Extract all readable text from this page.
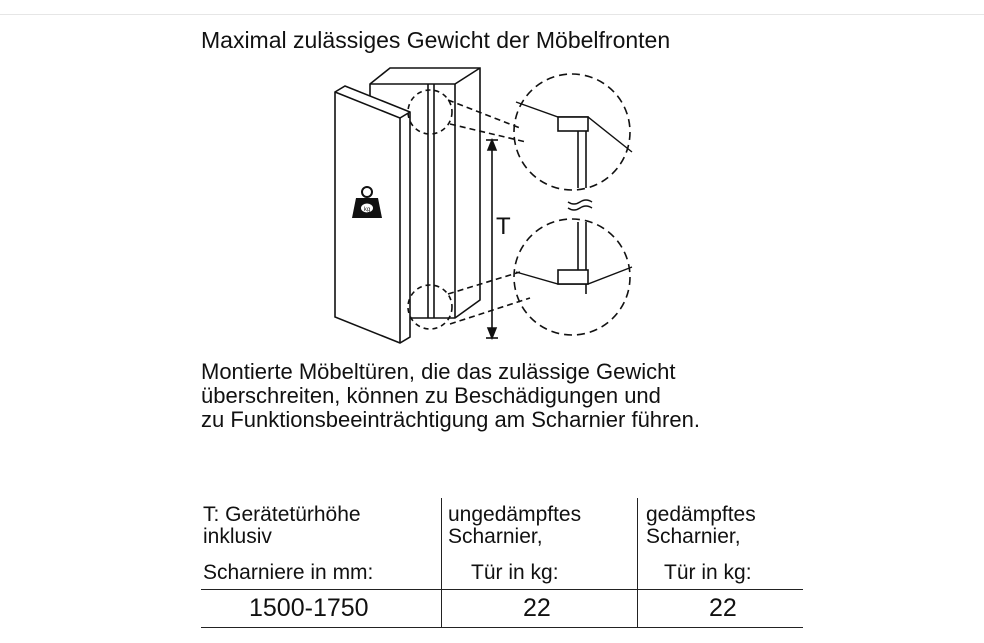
Maximal zulässiges Gewicht der Möbelfronten
kg
T
Montierte Möbeltüren, die das zulässige Gewicht
überschreiten, können zu Beschädigungen und
zu Funktionsbeeinträchtigung am Scharnier führen.
T: Gerätetürhöhe
inklusiv
Scharniere in mm:
ungedämpftes
Scharnier,
Tür in kg:
gedämpftes
Scharnier,
Tür in kg:
1500-1750	22	22
